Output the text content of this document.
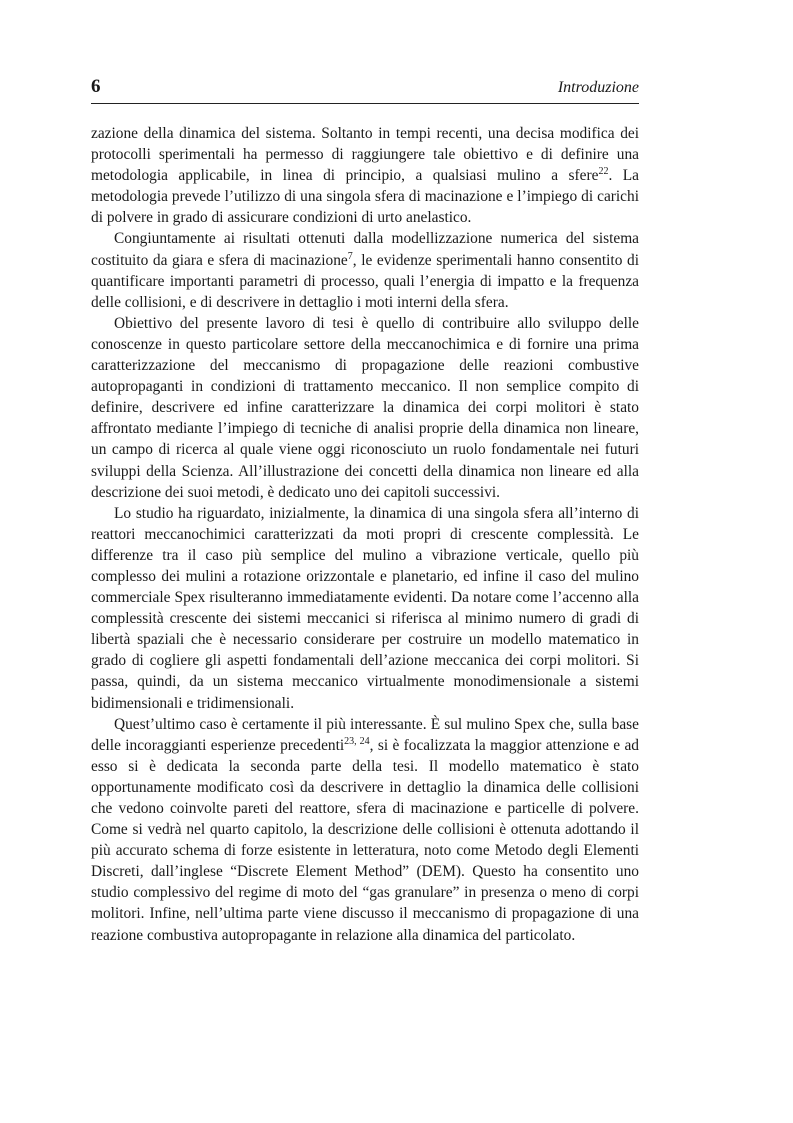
6	Introduzione

zazione della dinamica del sistema. Soltanto in tempi recenti, una decisa modifica dei protocolli sperimentali ha permesso di raggiungere tale obiettivo e di definire una metodologia applicabile, in linea di principio, a qualsiasi mulino a sfere$^{22}$. La metodologia prevede l’utilizzo di una singola sfera di macinazione e l’impiego di carichi di polvere in grado di assicurare condizioni di urto anelastico.

Congiuntamente ai risultati ottenuti dalla modellizzazione numerica del sistema costituito da giara e sfera di macinazione$^7$, le evidenze sperimentali hanno consentito di quantificare importanti parametri di processo, quali l’energia di impatto e la frequenza delle collisioni, e di descrivere in dettaglio i moti interni della sfera.

Obiettivo del presente lavoro di tesi è quello di contribuire allo sviluppo delle conoscenze in questo particolare settore della meccanochimica e di fornire una prima caratterizzazione del meccanismo di propagazione delle reazioni combustive autopropaganti in condizioni di trattamento meccanico. Il non semplice compito di definire, descrivere ed infine caratterizzare la dinamica dei corpi molitori è stato affrontato mediante l’impiego di tecniche di analisi proprie della dinamica non lineare, un campo di ricerca al quale viene oggi riconosciuto un ruolo fondamentale nei futuri sviluppi della Scienza. All’illustrazione dei concetti della dinamica non lineare ed alla descrizione dei suoi metodi, è dedicato uno dei capitoli successivi.

Lo studio ha riguardato, inizialmente, la dinamica di una singola sfera all’interno di reattori meccanochimici caratterizzati da moti propri di crescente complessità. Le differenze tra il caso più semplice del mulino a vibrazione verticale, quello più complesso dei mulini a rotazione orizzontale e planetario, ed infine il caso del mulino commerciale Spex risulteranno immediatamente evidenti. Da notare come l’accenno alla complessità crescente dei sistemi meccanici si riferisca al minimo numero di gradi di libertà spaziali che è necessario considerare per costruire un modello matematico in grado di cogliere gli aspetti fondamentali dell’azione meccanica dei corpi molitori. Si passa, quindi, da un sistema meccanico virtualmente monodimensionale a sistemi bidimensionali e tridimensionali.

Quest’ultimo caso è certamente il più interessante. È sul mulino Spex che, sulla base delle incoraggianti esperienze precedenti$^{23, 24}$, si è focalizzata la maggior attenzione e ad esso si è dedicata la seconda parte della tesi. Il modello matematico è stato opportunamente modificato così da descrivere in dettaglio la dinamica delle collisioni che vedono coinvolte pareti del reattore, sfera di macinazione e particelle di polvere. Come si vedrà nel quarto capitolo, la descrizione delle collisioni è ottenuta adottando il più accurato schema di forze esistente in letteratura, noto come Metodo degli Elementi Discreti, dall’inglese “Discrete Element Method” (DEM). Questo ha consentito uno studio complessivo del regime di moto del “gas granulare” in presenza o meno di corpi molitori. Infine, nell’ultima parte viene discusso il meccanismo di propagazione di una reazione combustiva autopropagante in relazione alla dinamica del particolato.
